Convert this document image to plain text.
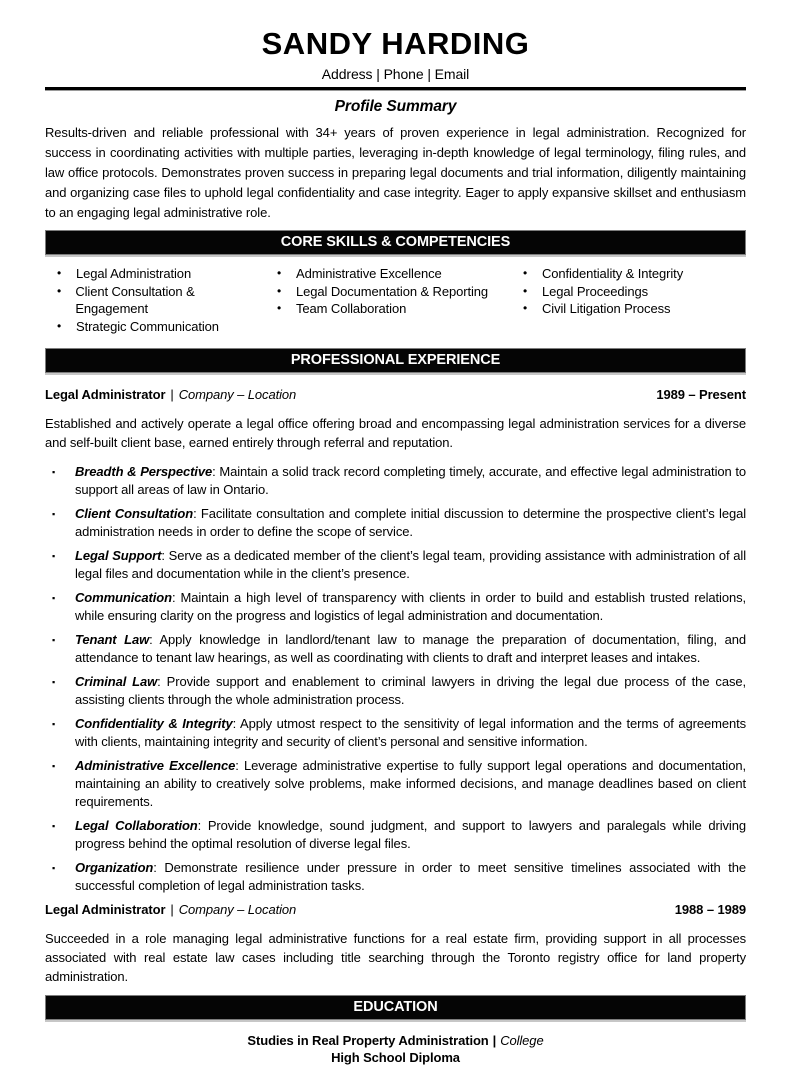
SANDY HARDING
Address | Phone | Email
Profile Summary
Results-driven and reliable professional with 34+ years of proven experience in legal administration. Recognized for success in coordinating activities with multiple parties, leveraging in-depth knowledge of legal terminology, filing rules, and law office protocols. Demonstrates proven success in preparing legal documents and trial information, diligently maintaining and organizing case files to uphold legal confidentiality and case integrity. Eager to apply expansive skillset and enthusiasm to an engaging legal administrative role.
CORE SKILLS & COMPETENCIES
•	Legal Administration
•	Client Consultation & Engagement
•	Strategic Communication
•	Administrative Excellence
•	Legal Documentation & Reporting
•	Team Collaboration
•	Confidentiality & Integrity
•	Legal Proceedings
•	Civil Litigation Process
PROFESSIONAL EXPERIENCE
Legal Administrator | Company – Location	1989 – Present
Established and actively operate a legal office offering broad and encompassing legal administration services for a diverse and self-built client base, earned entirely through referral and reputation.
▪	Breadth & Perspective: Maintain a solid track record completing timely, accurate, and effective legal administration to support all areas of law in Ontario.
▪	Client Consultation: Facilitate consultation and complete initial discussion to determine the prospective client’s legal administration needs in order to define the scope of service.
▪	Legal Support: Serve as a dedicated member of the client’s legal team, providing assistance with administration of all legal files and documentation while in the client’s presence.
▪	Communication: Maintain a high level of transparency with clients in order to build and establish trusted relations, while ensuring clarity on the progress and logistics of legal administration and documentation.
▪	Tenant Law: Apply knowledge in landlord/tenant law to manage the preparation of documentation, filing, and attendance to tenant law hearings, as well as coordinating with clients to draft and interpret leases and intakes.
▪	Criminal Law: Provide support and enablement to criminal lawyers in driving the legal due process of the case, assisting clients through the whole administration process.
▪	Confidentiality & Integrity: Apply utmost respect to the sensitivity of legal information and the terms of agreements with clients, maintaining integrity and security of client’s personal and sensitive information.
▪	Administrative Excellence: Leverage administrative expertise to fully support legal operations and documentation, maintaining an ability to creatively solve problems, make informed decisions, and manage deadlines based on client requirements.
▪	Legal Collaboration: Provide knowledge, sound judgment, and support to lawyers and paralegals while driving progress behind the optimal resolution of diverse legal files.
▪	Organization: Demonstrate resilience under pressure in order to meet sensitive timelines associated with the successful completion of legal administration tasks.
Legal Administrator | Company – Location	1988 – 1989
Succeeded in a role managing legal administrative functions for a real estate firm, providing support in all processes associated with real estate law cases including title searching through the Toronto registry office for land property administration.
EDUCATION
Studies in Real Property Administration | College
High School Diploma
